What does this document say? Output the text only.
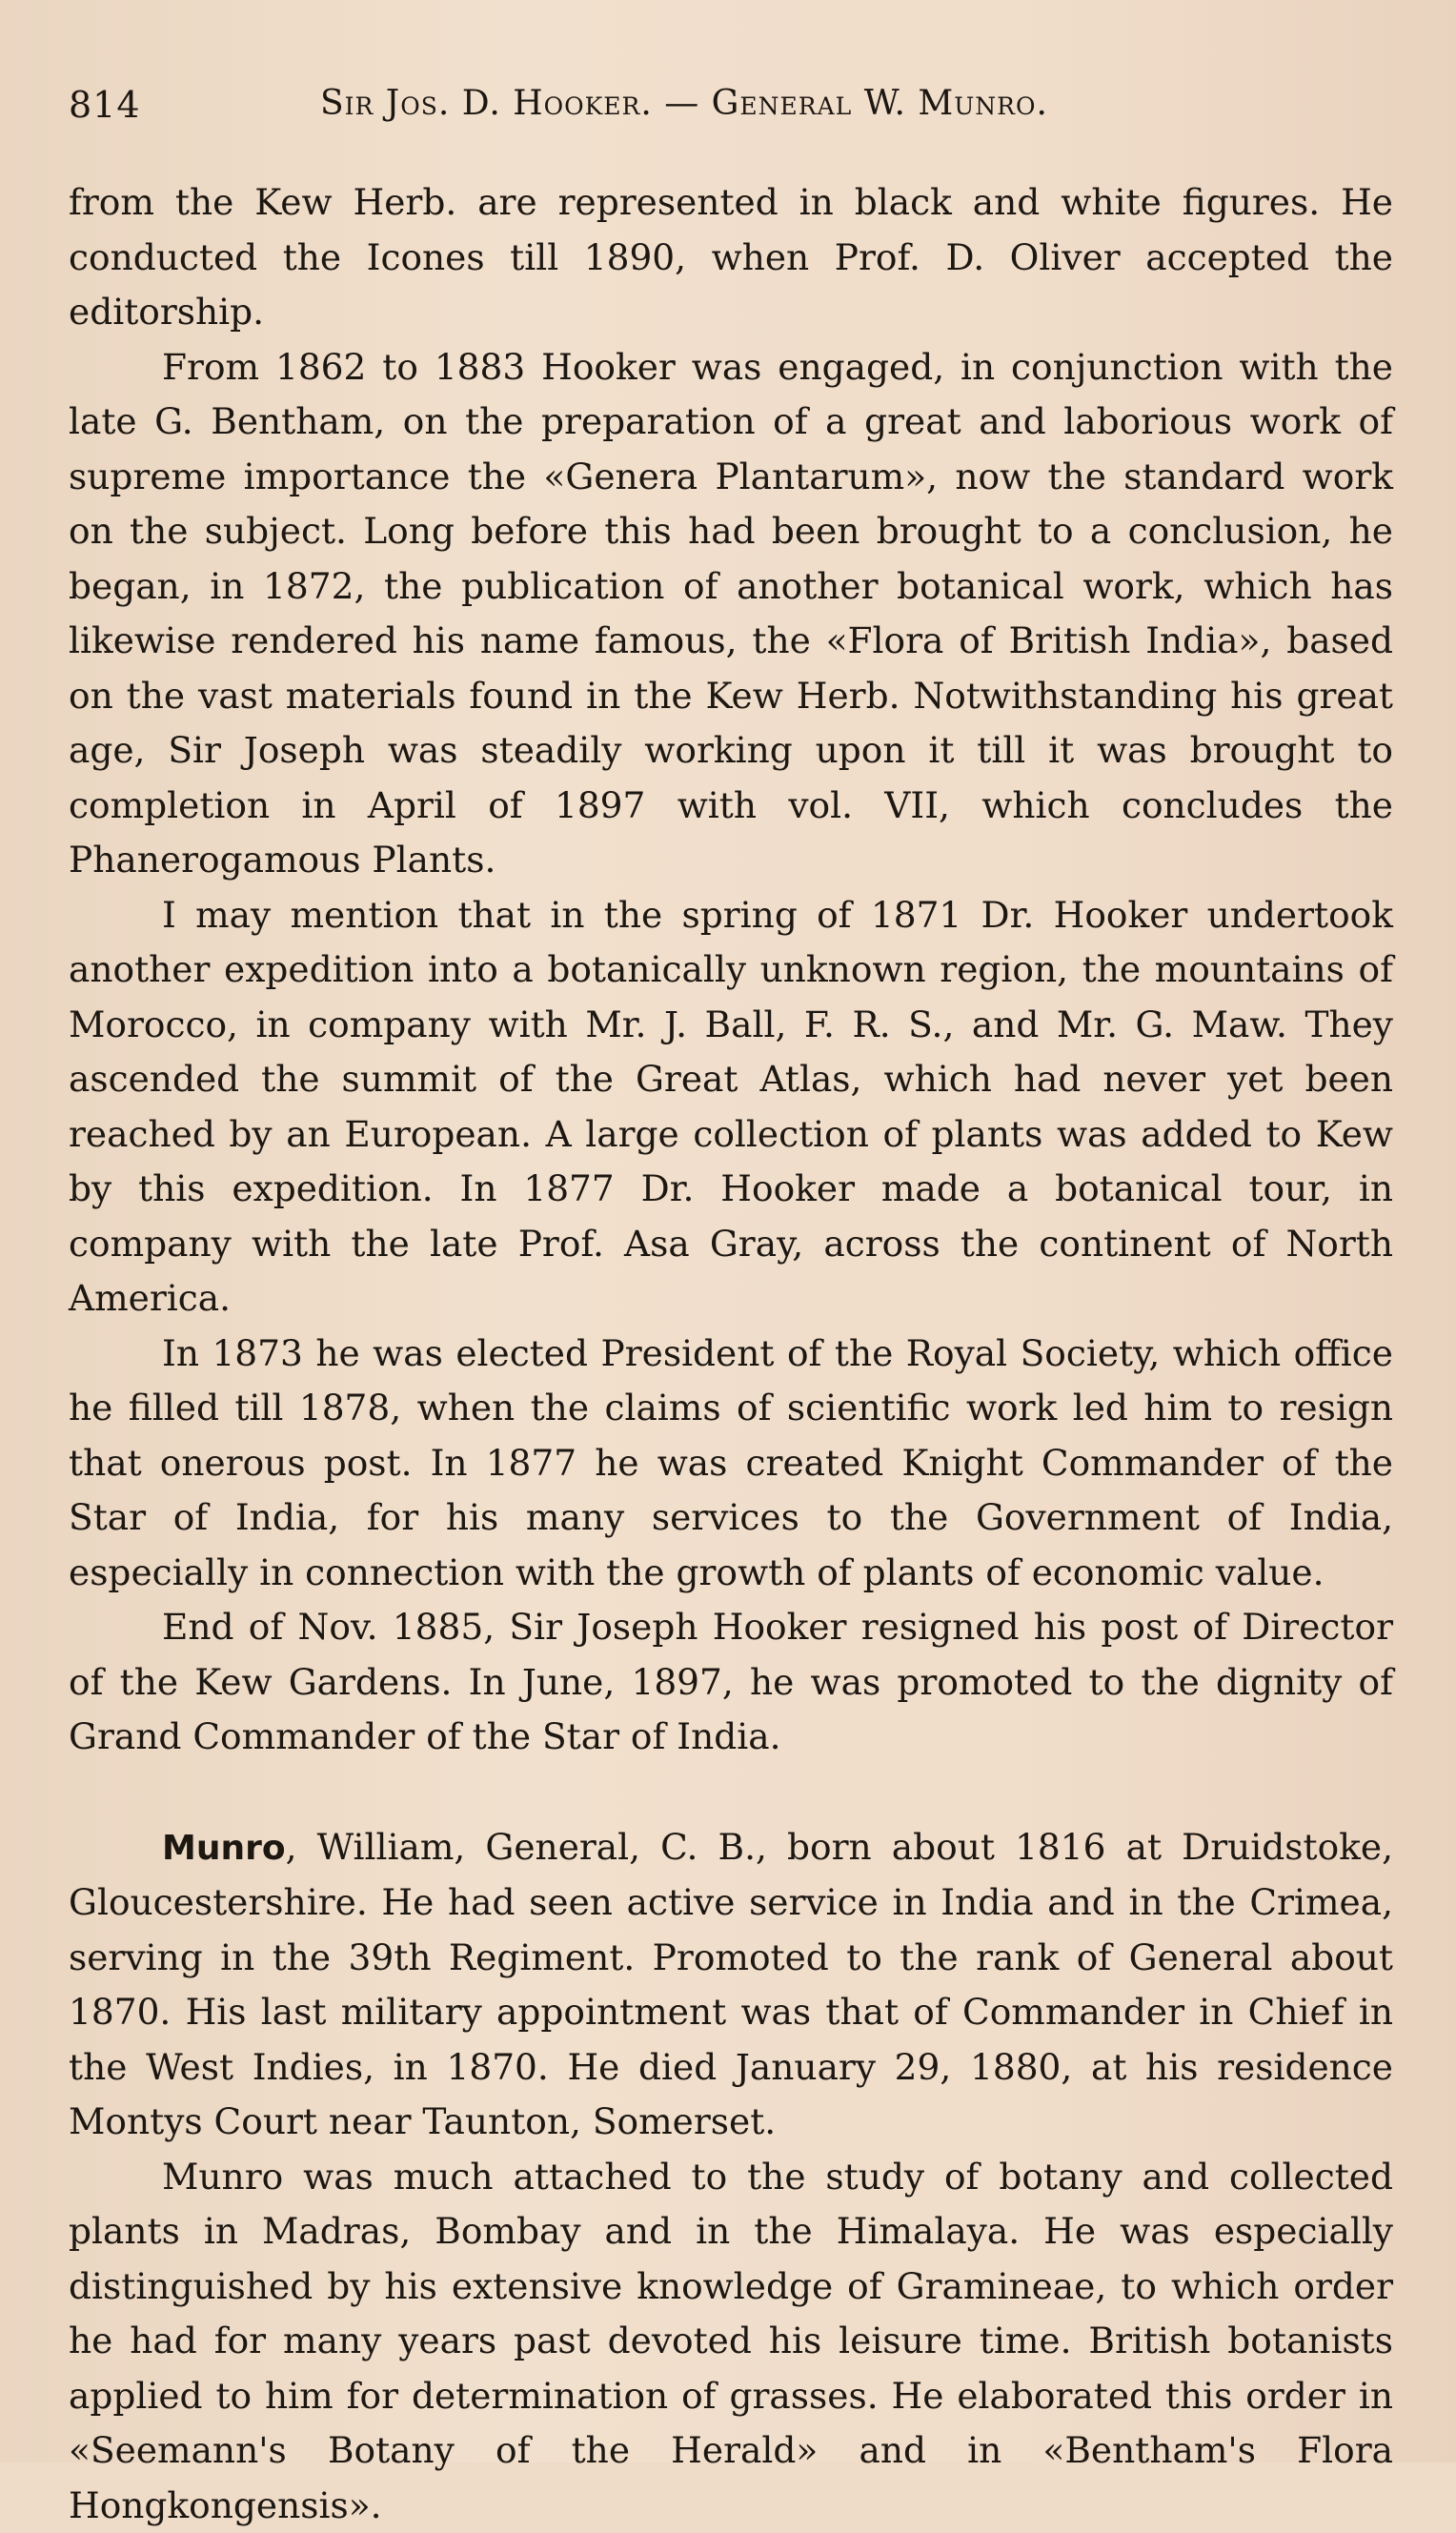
814	Sir Jos. D. Hooker. — General W. Munro.

from the Kew Herb. are represented in black and white figures. He conducted the Icones till 1890, when Prof. D. Oliver accepted the editorship.

From 1862 to 1883 Hooker was engaged, in conjunction with the late G. Bentham, on the preparation of a great and laborious work of supreme importance the «Genera Plantarum», now the standard work on the subject. Long before this had been brought to a conclusion, he began, in 1872, the publication of another botanical work, which has likewise rendered his name famous, the «Flora of British India», based on the vast materials found in the Kew Herb. Notwithstanding his great age, Sir Joseph was steadily working upon it till it was brought to completion in April of 1897 with vol. VII, which concludes the Phanerogamous Plants.

I may mention that in the spring of 1871 Dr. Hooker undertook another expedition into a botanically unknown region, the mountains of Morocco, in company with Mr. J. Ball, F. R. S., and Mr. G. Maw. They ascended the summit of the Great Atlas, which had never yet been reached by an European. A large collection of plants was added to Kew by this expedition. In 1877 Dr. Hooker made a botanical tour, in company with the late Prof. Asa Gray, across the continent of North America.

In 1873 he was elected President of the Royal Society, which office he filled till 1878, when the claims of scientific work led him to resign that onerous post. In 1877 he was created Knight Commander of the Star of India, for his many services to the Government of India, especially in connection with the growth of plants of economic value.

End of Nov. 1885, Sir Joseph Hooker resigned his post of Director of the Kew Gardens. In June, 1897, he was promoted to the dignity of Grand Commander of the Star of India.

Munro, William, General, C. B., born about 1816 at Druidstoke, Gloucestershire. He had seen active service in India and in the Crimea, serving in the 39th Regiment. Promoted to the rank of General about 1870. His last military appointment was that of Commander in Chief in the West Indies, in 1870. He died January 29, 1880, at his residence Montys Court near Taunton, Somerset.

Munro was much attached to the study of botany and collected plants in Madras, Bombay and in the Himalaya. He was especially distinguished by his extensive knowledge of Gramineae, to which order he had for many years past devoted his leisure time. British botanists applied to him for determination of grasses. He elaborated this order in «Seemann's Botany of the Herald» and in «Bentham's Flora Hongkongensis».
